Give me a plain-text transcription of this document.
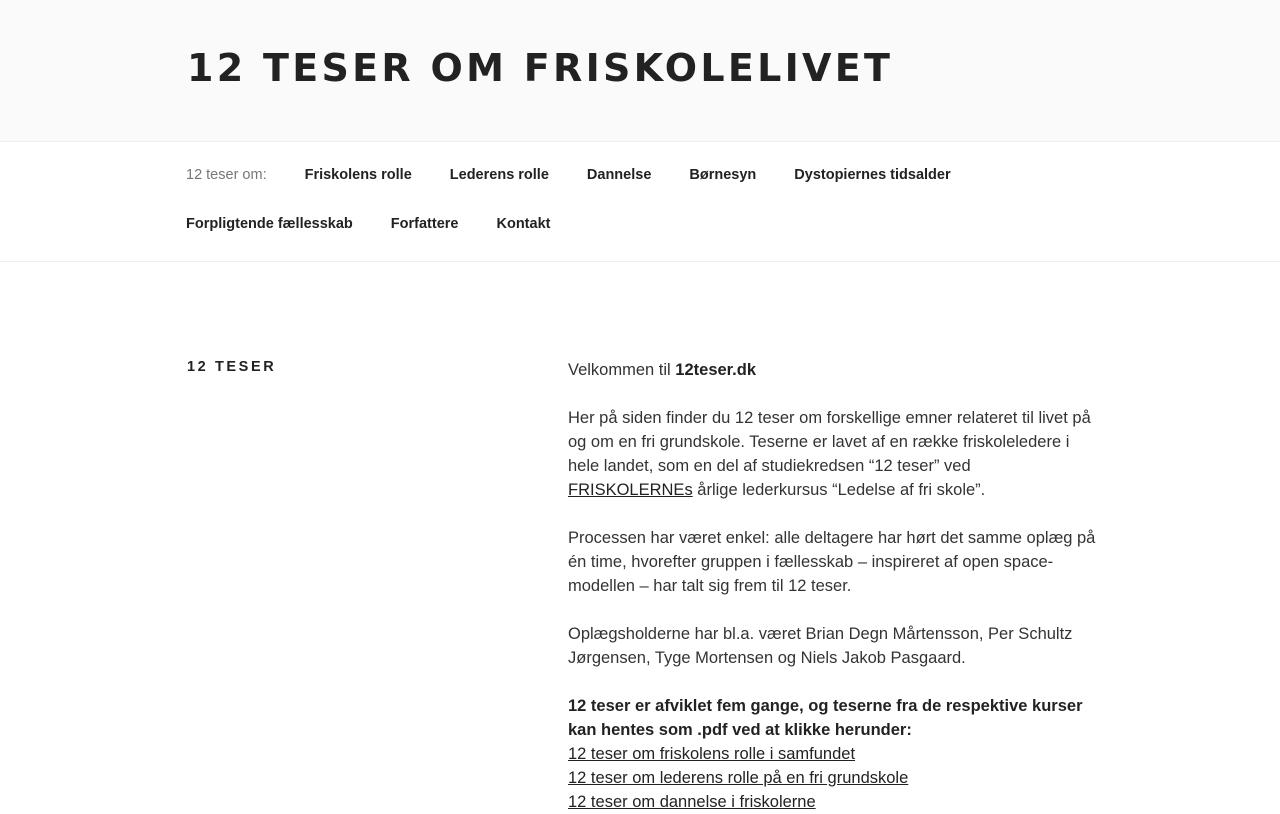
12 TESER OM FRISKOLELIVET
12 teser om:	Friskolens rolle	Lederens rolle	Dannelse	Børnesyn	Dystopiernes tidsalder
Forpligtende fællesskab	Forfattere	Kontakt
12 TESER	Velkommen til 12teser.dk

Her på siden finder du 12 teser om forskellige emner relateret til livet på og om en fri grundskole. Teserne er lavet af en række friskoleledere i hele landet, som en del af studiekredsen “12 teser” ved FRISKOLERNEs årlige lederkursus “Ledelse af fri skole”.

Processen har været enkel: alle deltagere har hørt det samme oplæg på én time, hvorefter gruppen i fællesskab – inspireret af open space-modellen – har talt sig frem til 12 teser.

Oplægsholderne har bl.a. været Brian Degn Mårtensson, Per Schultz Jørgensen, Tyge Mortensen og Niels Jakob Pasgaard.

12 teser er afviklet fem gange, og teserne fra de respektive kurser kan hentes som .pdf ved at klikke herunder:
12 teser om friskolens rolle i samfundet
12 teser om lederens rolle på en fri grundskole
12 teser om dannelse i friskolerne
